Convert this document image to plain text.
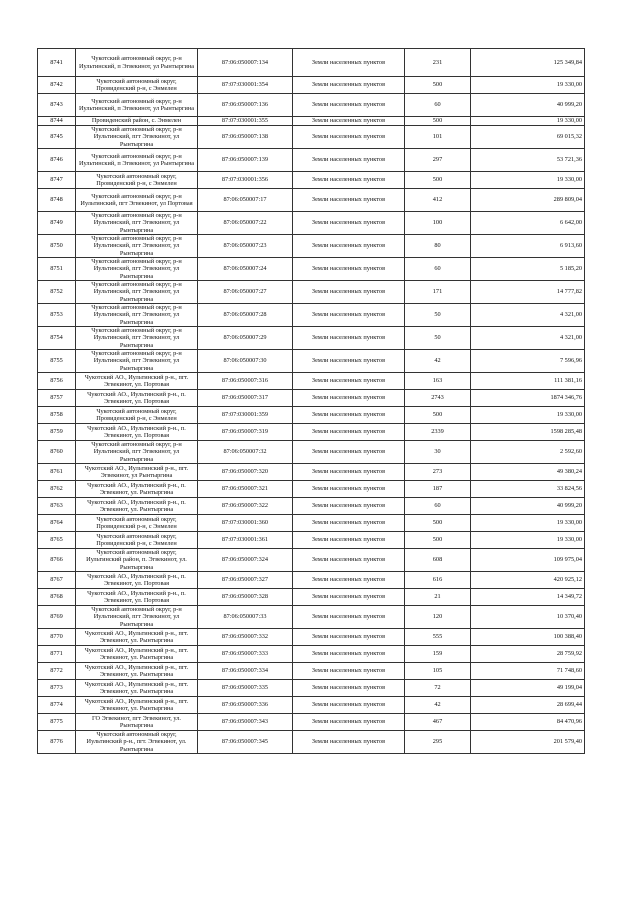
8741	Чукотский автономный округ, р-н Иультинский, п Эгвекинот, ул Рынтыргина	87:06:050007:134	Земли населенных пунктов	231	125 349,84
8742	Чукотский автономный округ, Провиденский р-н, с Энмелен	87:07:030001:354	Земли населенных пунктов	500	19 330,00
8743	Чукотский автономный округ, р-н Иультинский, п Эгвекинот, ул Рынтыргина	87:06:050007:136	Земли населенных пунктов	60	40 999,20
8744	Провиденский район, с. Энмелен	87:07:030001:355	Земли населенных пунктов	500	19 330,00
8745	Чукотский автономный округ, р-н Иультинский, пгт Эгвекинот, ул Рынтыргина	87:06:050007:138	Земли населенных пунктов	101	69 015,32
8746	Чукотский автономный округ, р-н Иультинский, п Эгвекинот, ул Рынтыргина	87:06:050007:139	Земли населенных пунктов	297	53 721,36
8747	Чукотский автономный округ, Провиденский р-н, с Энмелен	87:07:030001:356	Земли населенных пунктов	500	19 330,00
8748	Чукотский автономный округ, р-н Иультинский, пгт Эгвекинот, ул Портовая	87:06:050007:17	Земли населенных пунктов	412	289 809,04
8749	Чукотский автономный округ, р-н Иультинский, пгт Эгвекинот, ул Рынтыргина	87:06:050007:22	Земли населенных пунктов	100	6 642,00
8750	Чукотский автономный округ, р-н Иультинский, пгт Эгвекинот, ул Рынтыргина	87:06:050007:23	Земли населенных пунктов	80	6 913,60
8751	Чукотский автономный округ, р-н Иультинский, пгт Эгвекинот, ул Рынтыргина	87:06:050007:24	Земли населенных пунктов	60	5 185,20
8752	Чукотский автономный округ, р-н Иультинский, пгт Эгвекинот, ул Рынтыргина	87:06:050007:27	Земли населенных пунктов	171	14 777,82
8753	Чукотский автономный округ, р-н Иультинский, пгт Эгвекинот, ул Рынтыргина	87:06:050007:28	Земли населенных пунктов	50	4 321,00
8754	Чукотский автономный округ, р-н Иультинский, пгт Эгвекинот, ул Рынтыргина	87:06:050007:29	Земли населенных пунктов	50	4 321,00
8755	Чукотский автономный округ, р-н Иультинский, пгт Эгвекинот, ул Рынтыргина	87:06:050007:30	Земли населенных пунктов	42	7 596,96
8756	Чукотский АО., Иультинский р-н., пгт. Эгвекинот, ул. Портовая	87:06:050007:316	Земли населенных пунктов	163	111 381,16
8757	Чукотский АО., Иультинский р-н., п. Эгвекинот, ул. Портовая	87:06:050007:317	Земли населенных пунктов	2743	1874 346,76
8758	Чукотский автономный округ, Провиденский р-н, с Энмелен	87:07:030001:359	Земли населенных пунктов	500	19 330,00
8759	Чукотский АО., Иультинский р-н., п. Эгвекинот, ул. Портовая	87:06:050007:319	Земли населенных пунктов	2339	1598 285,48
8760	Чукотский автономный округ, р-н Иультинский, пгт Эгвекинот, ул Рынтыргина	87:06:050007:32	Земли населенных пунктов	30	2 592,60
8761	Чукотский АО., Иультинский р-н., пгт. Эгвекинот, ул Рынтыргина	87:06:050007:320	Земли населенных пунктов	273	49 380,24
8762	Чукотский АО., Иультинский р-н., п. Эгвекинот, ул. Рынтыргина	87:06:050007:321	Земли населенных пунктов	187	33 824,56
8763	Чукотский АО., Иультинский р-н., п. Эгвекинот, ул. Рынтыргина	87:06:050007:322	Земли населенных пунктов	60	40 999,20
8764	Чукотский автономный округ, Провиденский р-н, с Энмелен	87:07:030001:360	Земли населенных пунктов	500	19 330,00
8765	Чукотский автономный округ, Провиденский р-н, с Энмелен	87:07:030001:361	Земли населенных пунктов	500	19 330,00
8766	Чукотский автономный округ, Иультинский район, п. Эгвекинот, ул. Рынтыргина	87:06:050007:324	Земли населенных пунктов	608	109 975,04
8767	Чукотский АО., Иультинский р-н., п. Эгвекинот, ул. Портовая	87:06:050007:327	Земли населенных пунктов	616	420 925,12
8768	Чукотский АО., Иультинский р-н., п. Эгвекинот, ул. Портовая	87:06:050007:328	Земли населенных пунктов	21	14 349,72
8769	Чукотский автономный округ, р-н Иультинский, пгт Эгвекинот, ул Рынтыргина	87:06:050007:33	Земли населенных пунктов	120	10 370,40
8770	Чукотский АО., Иультинский р-н., пгт. Эгвекинот, ул. Рынтыргина	87:06:050007:332	Земли населенных пунктов	555	100 388,40
8771	Чукотский АО., Иультинский р-н., пгт. Эгвекинот, ул. Рынтыргина	87:06:050007:333	Земли населенных пунктов	159	28 759,92
8772	Чукотский АО., Иультинский р-н., пгт. Эгвекинот, ул. Рынтыргина	87:06:050007:334	Земли населенных пунктов	105	71 748,60
8773	Чукотский АО., Иультинский р-н., пгт. Эгвекинот, ул. Рынтыргина	87:06:050007:335	Земли населенных пунктов	72	49 199,04
8774	Чукотский АО., Иультинский р-н., пгт. Эгвекинот, ул. Рынтыргина	87:06:050007:336	Земли населенных пунктов	42	28 699,44
8775	ГО Эгвекинот, пгт Эгвекинот, ул. Рынтыргина	87:06:050007:343	Земли населенных пунктов	467	84 470,96
8776	Чукотский автономный округ, Иультинский р-н., пгт. Эгвекинот, ул. Рынтыргина	87:06:050007:345	Земли населенных пунктов	295	201 579,40
